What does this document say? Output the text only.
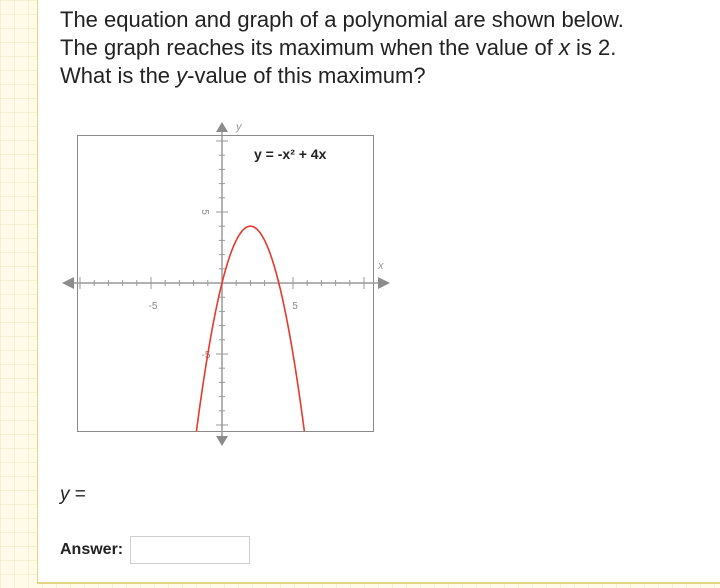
The equation and graph of a polynomial are shown below.
The graph reaches its maximum when the value of x is 2.
What is the y-value of this maximum?

-5	5
5
-5
x
y
y = -x² + 4x
y =
Answer:
